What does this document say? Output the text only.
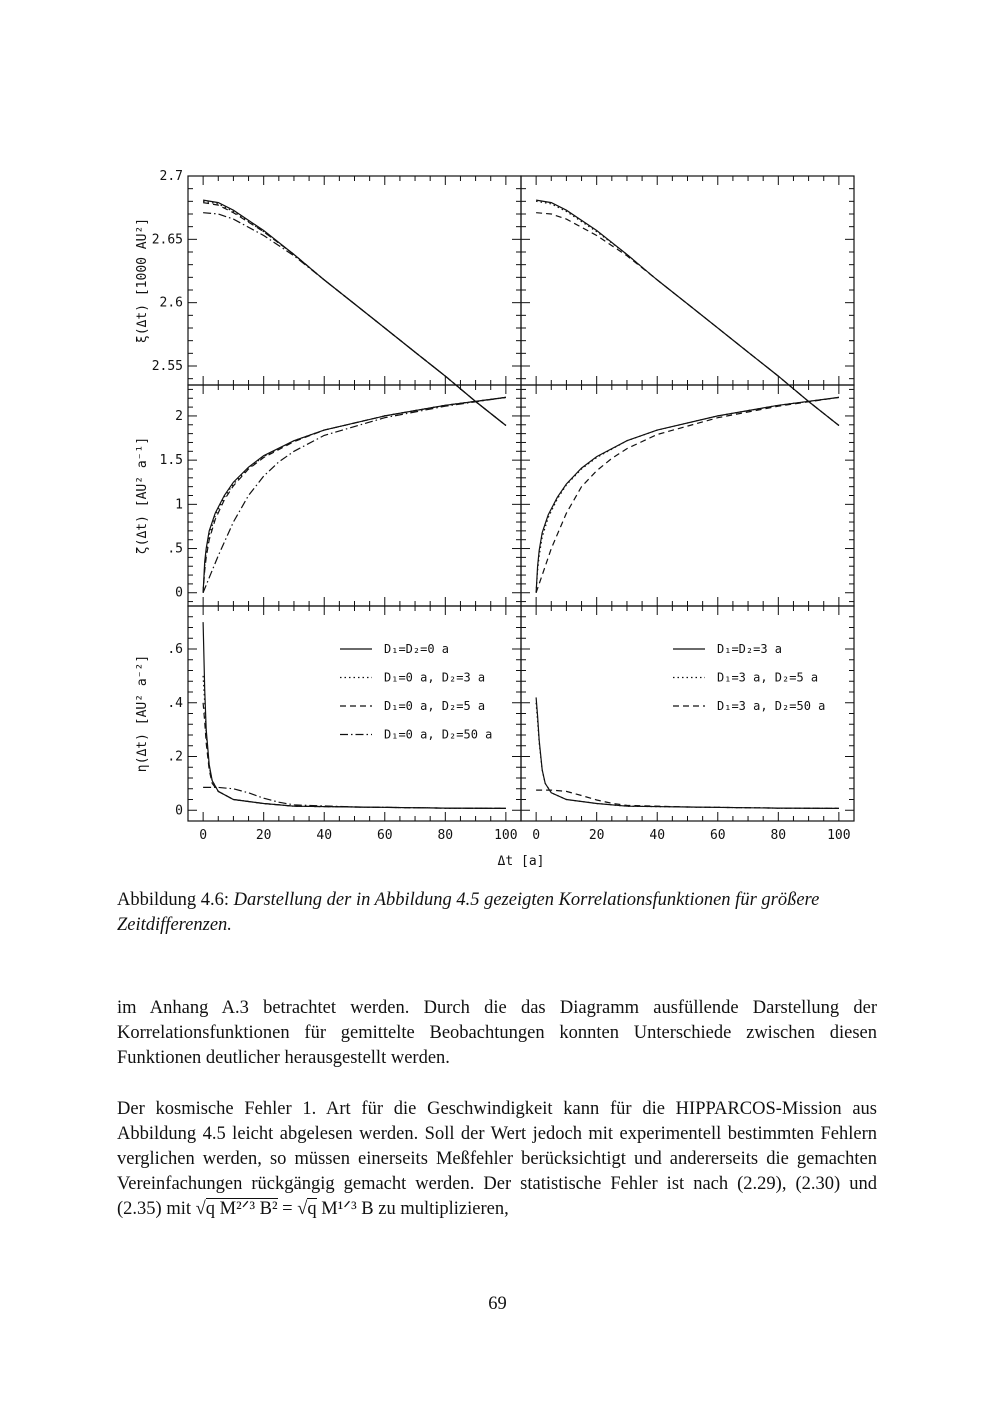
2.7
2.65
2.6
2.55
ξ(Δt) [1000 AU²]
2
1.5
1
.5
0
ζ(Δt) [AU² a⁻¹]
0	20	40	60	80	100 0	20	40	60	80	100
.6
.4
.2
0
η(Δt) [AU² a⁻²]
Δt [a]
D₁=D₂=0 a
D₁=0 a, D₂=3 a
D₁=0 a, D₂=5 a
D₁=0 a, D₂=50 a
D₁=D₂=3 a
D₁=3 a, D₂=5 a
D₁=3 a, D₂=50 a
Abbildung 4.6: Darstellung der in Abbildung 4.5 gezeigten Korrelationsfunktionen für größere Zeitdifferenzen.

im Anhang A.3 betrachtet werden. Durch die das Diagramm ausfüllende Darstellung der Korrelationsfunktionen für gemittelte Beobachtungen konnten Unterschiede zwischen diesen Funktionen deutlicher herausgestellt werden.

Der kosmische Fehler 1. Art für die Geschwindigkeit kann für die HIPPARCOS-Mission aus Abbildung 4.5 leicht abgelesen werden. Soll der Wert jedoch mit experimentell bestimmten Fehlern verglichen werden, so müssen einerseits Meßfehler berücksichtigt und andererseits die gemachten Vereinfachungen rückgängig gemacht werden. Der statistische Fehler ist nach (2.29), (2.30) und (2.35) mit √q M²ᐟ³ B² = √q M¹ᐟ³ B zu multiplizieren,

69
